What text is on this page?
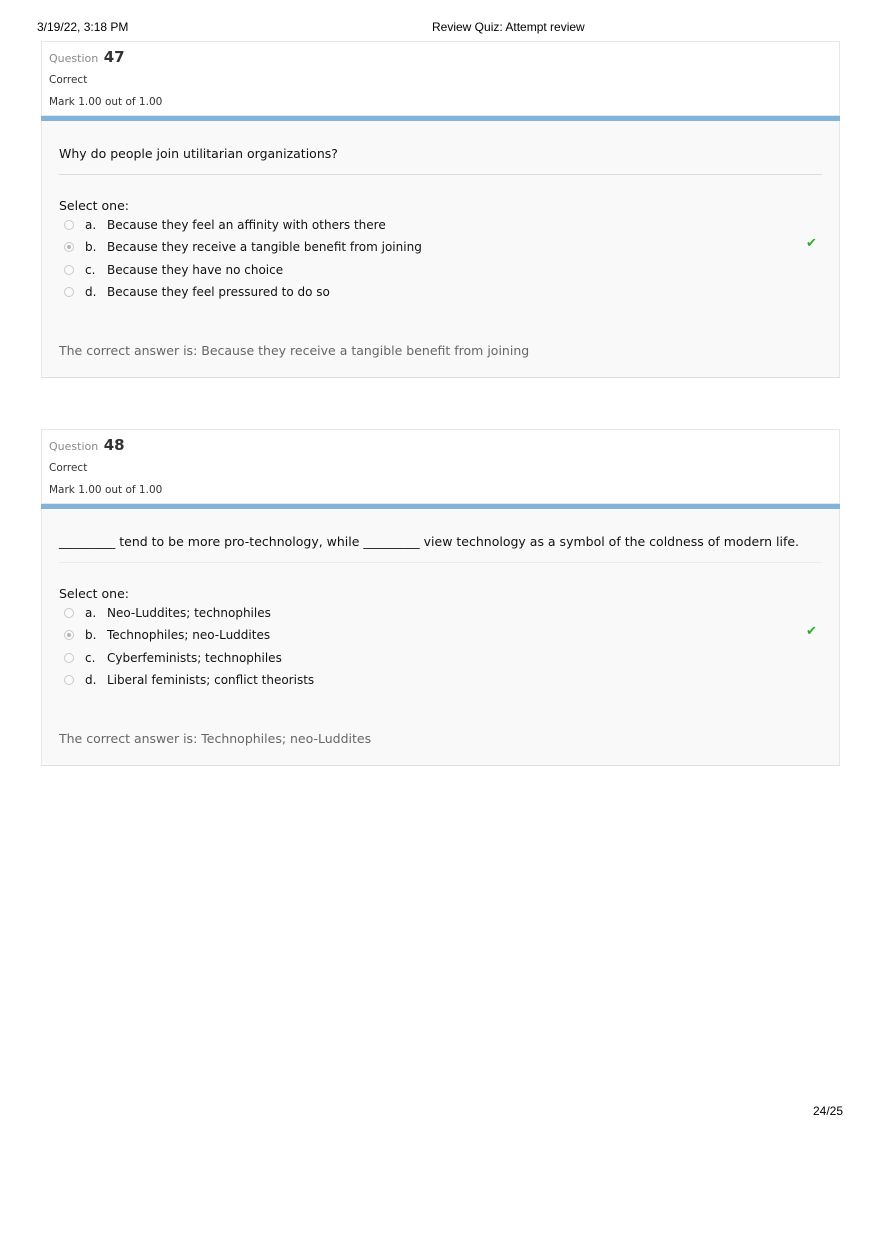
3/19/22, 3:18 PM	Review Quiz: Attempt review
Question 47
Correct
Mark 1.00 out of 1.00
Why do people join utilitarian organizations?
Select one:
a. Because they feel an affinity with others there
b. Because they receive a tangible benefit from joining
c. Because they have no choice
d. Because they feel pressured to do so
✔
The correct answer is: Because they receive a tangible benefit from joining
Question 48
Correct
Mark 1.00 out of 1.00
_________ tend to be more pro-technology, while _________ view technology as a symbol of the coldness of modern life.
Select one:
a. Neo-Luddites; technophiles
b. Technophiles; neo-Luddites
c. Cyberfeminists; technophiles
d. Liberal feminists; conflict theorists
✔
The correct answer is: Technophiles; neo-Luddites
24/25
